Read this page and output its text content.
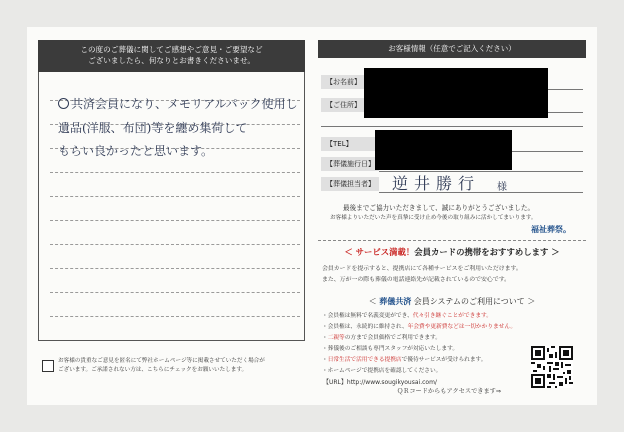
この度のご葬儀に関してご感想やご意見・ご要望など
ございましたら、何なりとお書きくださいませ。
共済会員になり、メモリアルパック使用し
遺品(洋服、布団)等を纏め集荷して
もらい良かったと思います。
お客様の貴重なご意見を匿名にて弊社ホームページ等に掲載させていただく場合が
ございます。ご承諾されない方は、こちらにチェックをお願いいたします。
お客様情報（任意でご記入ください）
【お名前】
【ご住所】
【TEL】
【葬儀施行日】
【葬儀担当者】 逆井勝行 様
最後までご協力いただきまして、誠にありがとうございました。
お客様よりいただいた声を真摯に受け止め今後の取り組みに活かしてまいります。
福祉葬祭。
＜ サービス満載！会員カードの携帯をおすすめします ＞
会員カードを提示すると、提携店にて各種サービスをご利用いただけます。
また、万が一の際も葬儀の電話連絡先が記載されているので安心です。
＜ 葬儀共済 会員システムのご利用について ＞
・会員権は無料で名義変更ができ、代々引き継ぐことができます。
・会員権は、永続的に維持され、年会費や更新費などは一切かかりません。
・二親等の方まで会員価格でご利用できます。
・葬儀後のご相談も専門スタッフが対応いたします。
・日常生活で活用できる提携店で優待サービスが受けられます。
・ホームページで提携店を確認してください。
【URL】http://www.sougikyousai.com/
ＱＲコードからもアクセスできます⇒
